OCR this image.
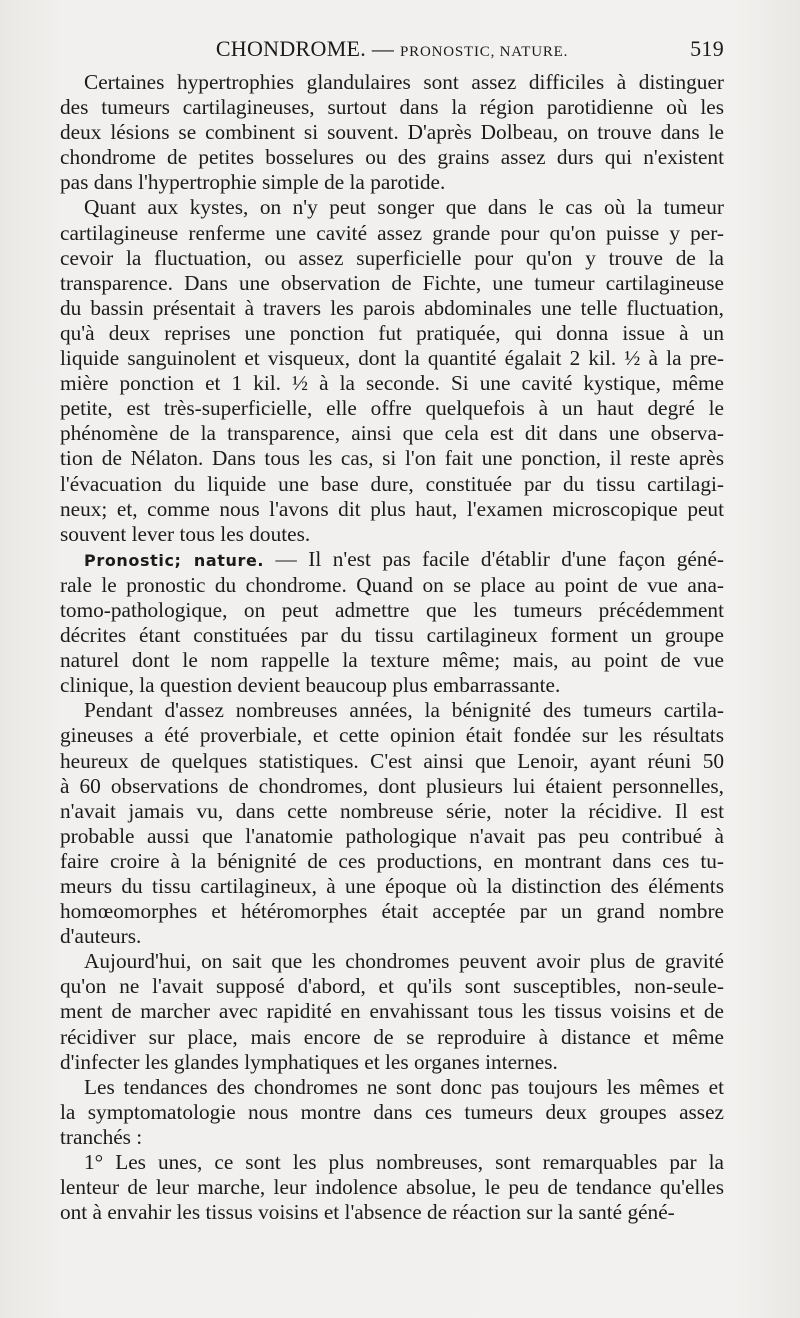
CHONDROME. — PRONOSTIC, NATURE.	519
Certaines hypertrophies glandulaires sont assez difficiles à distinguer
des tumeurs cartilagineuses, surtout dans la région parotidienne où les
deux lésions se combinent si souvent. D'après Dolbeau, on trouve dans le
chondrome de petites bosselures ou des grains assez durs qui n'existent
pas dans l'hypertrophie simple de la parotide.
Quant aux kystes, on n'y peut songer que dans le cas où la tumeur
cartilagineuse renferme une cavité assez grande pour qu'on puisse y per-
cevoir la fluctuation, ou assez superficielle pour qu'on y trouve de la
transparence. Dans une observation de Fichte, une tumeur cartilagineuse
du bassin présentait à travers les parois abdominales une telle fluctuation,
qu'à deux reprises une ponction fut pratiquée, qui donna issue à un
liquide sanguinolent et visqueux, dont la quantité égalait 2 kil. ½ à la pre-
mière ponction et 1 kil. ½ à la seconde. Si une cavité kystique, même
petite, est très-superficielle, elle offre quelquefois à un haut degré le
phénomène de la transparence, ainsi que cela est dit dans une observa-
tion de Nélaton. Dans tous les cas, si l'on fait une ponction, il reste après
l'évacuation du liquide une base dure, constituée par du tissu cartilagi-
neux; et, comme nous l'avons dit plus haut, l'examen microscopique peut
souvent lever tous les doutes.
Pronostic; nature. — Il n'est pas facile d'établir d'une façon géné-
rale le pronostic du chondrome. Quand on se place au point de vue ana-
tomo-pathologique, on peut admettre que les tumeurs précédemment
décrites étant constituées par du tissu cartilagineux forment un groupe
naturel dont le nom rappelle la texture même; mais, au point de vue
clinique, la question devient beaucoup plus embarrassante.
Pendant d'assez nombreuses années, la bénignité des tumeurs cartila-
gineuses a été proverbiale, et cette opinion était fondée sur les résultats
heureux de quelques statistiques. C'est ainsi que Lenoir, ayant réuni 50
à 60 observations de chondromes, dont plusieurs lui étaient personnelles,
n'avait jamais vu, dans cette nombreuse série, noter la récidive. Il est
probable aussi que l'anatomie pathologique n'avait pas peu contribué à
faire croire à la bénignité de ces productions, en montrant dans ces tu-
meurs du tissu cartilagineux, à une époque où la distinction des éléments
homœomorphes et hétéromorphes était acceptée par un grand nombre
d'auteurs.
Aujourd'hui, on sait que les chondromes peuvent avoir plus de gravité
qu'on ne l'avait supposé d'abord, et qu'ils sont susceptibles, non-seule-
ment de marcher avec rapidité en envahissant tous les tissus voisins et de
récidiver sur place, mais encore de se reproduire à distance et même
d'infecter les glandes lymphatiques et les organes internes.
Les tendances des chondromes ne sont donc pas toujours les mêmes et
la symptomatologie nous montre dans ces tumeurs deux groupes assez
tranchés :
1° Les unes, ce sont les plus nombreuses, sont remarquables par la
lenteur de leur marche, leur indolence absolue, le peu de tendance qu'elles
ont à envahir les tissus voisins et l'absence de réaction sur la santé géné-
